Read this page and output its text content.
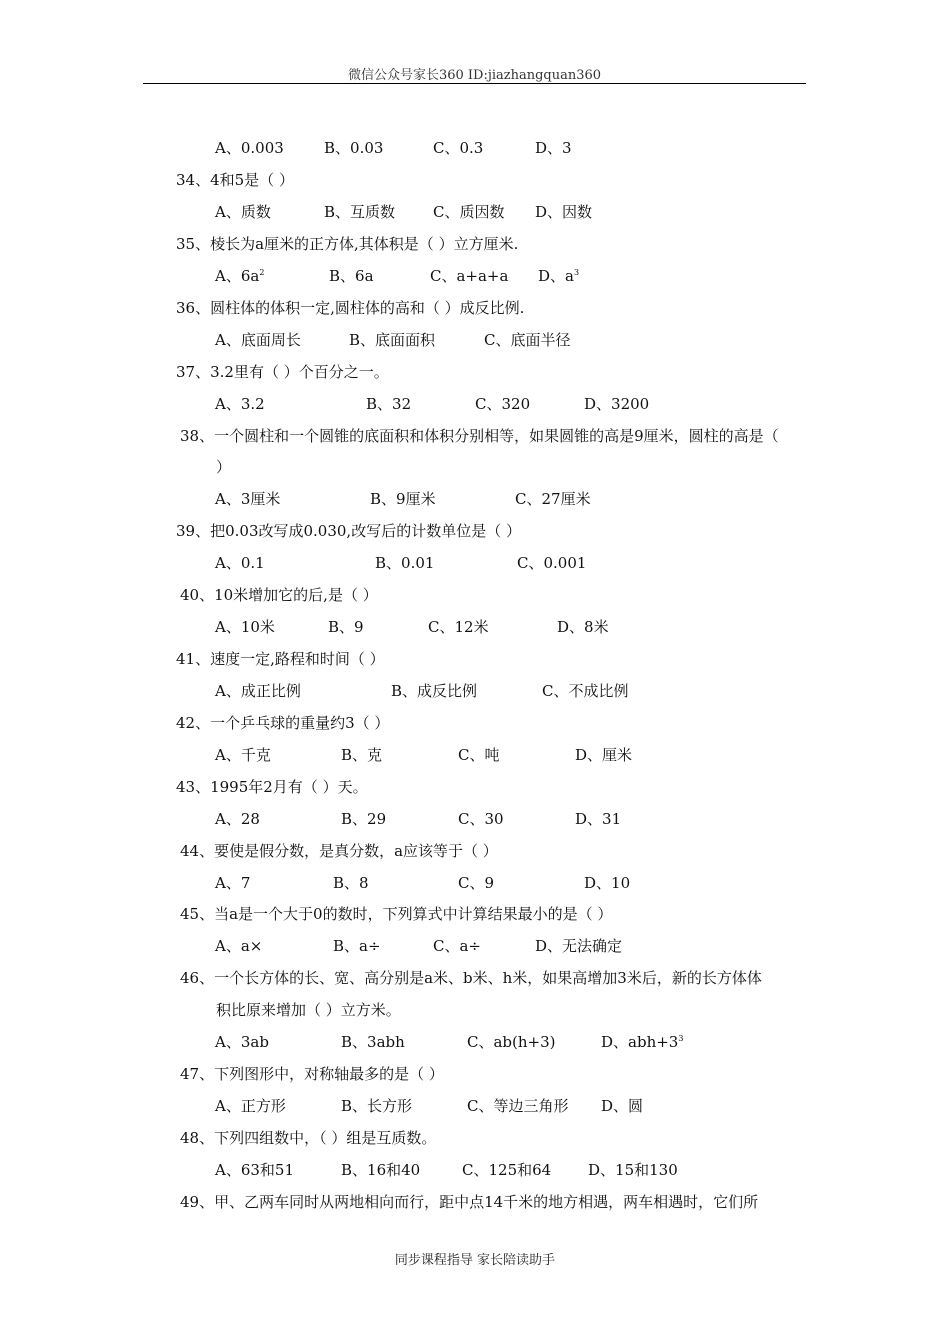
微信公众号家长360 ID:jiazhangquan360
A、0.003	B、0.03	C、0.3	D、3
34、4和5是（ ）
A、质数	B、互质数	C、质因数 D、因数
35、棱长为a厘米的正方体,其体积是（ ）立方厘米.
A、$6a^2$	B、6a	C、a+a+a D、$a^3$
36、圆柱体的体积一定,圆柱体的高和（ ）成反比例.
A、底面周长	B、底面面积	C、底面半径
37、3.2里有（ ）个百分之一。
A、3.2	B、32	C、320	D、3200
38、一个圆柱和一个圆锥的底面积和体积分别相等，如果圆锥的高是9厘米，圆柱的高是（
）
A、3厘米	B、9厘米	C、27厘米
39、把0.03改写成0.030,改写后的计数单位是（ ）
A、0.1	B、0.01	C、0.001
40、10米增加它的后,是（ ）
A、10米	B、9	C、12米	D、8米
41、速度一定,路程和时间（ ）
A、成正比例	B、成反比例	C、不成比例
42、一个乒乓球的重量约3（ ）
A、千克	B、克	C、吨	D、厘米
43、1995年2月有（ ）天。
A、28	B、29	C、30	D、31
44、要使是假分数，是真分数，a应该等于（ ）
A、7	B、8	C、9	D、10
45、当a是一个大于0的数时，下列算式中计算结果最小的是（ ）
A、a×	B、a÷	C、a÷	D、无法确定
46、一个长方体的长、宽、高分别是a米、b米、h米，如果高增加3米后，新的长方体体
积比原来增加（ ）立方米。
A、3ab	B、3abh	C、ab(h+3)	D、$abh+3^3$
47、下列图形中，对称轴最多的是（ ）
A、正方形	B、长方形	C、等边三角形 D、圆
48、下列四组数中，（ ）组是互质数。
A、63和51	B、16和40	C、125和64 D、15和130
49、甲、乙两车同时从两地相向而行，距中点14千米的地方相遇，两车相遇时，它们所
同步课程指导 家长陪读助手
